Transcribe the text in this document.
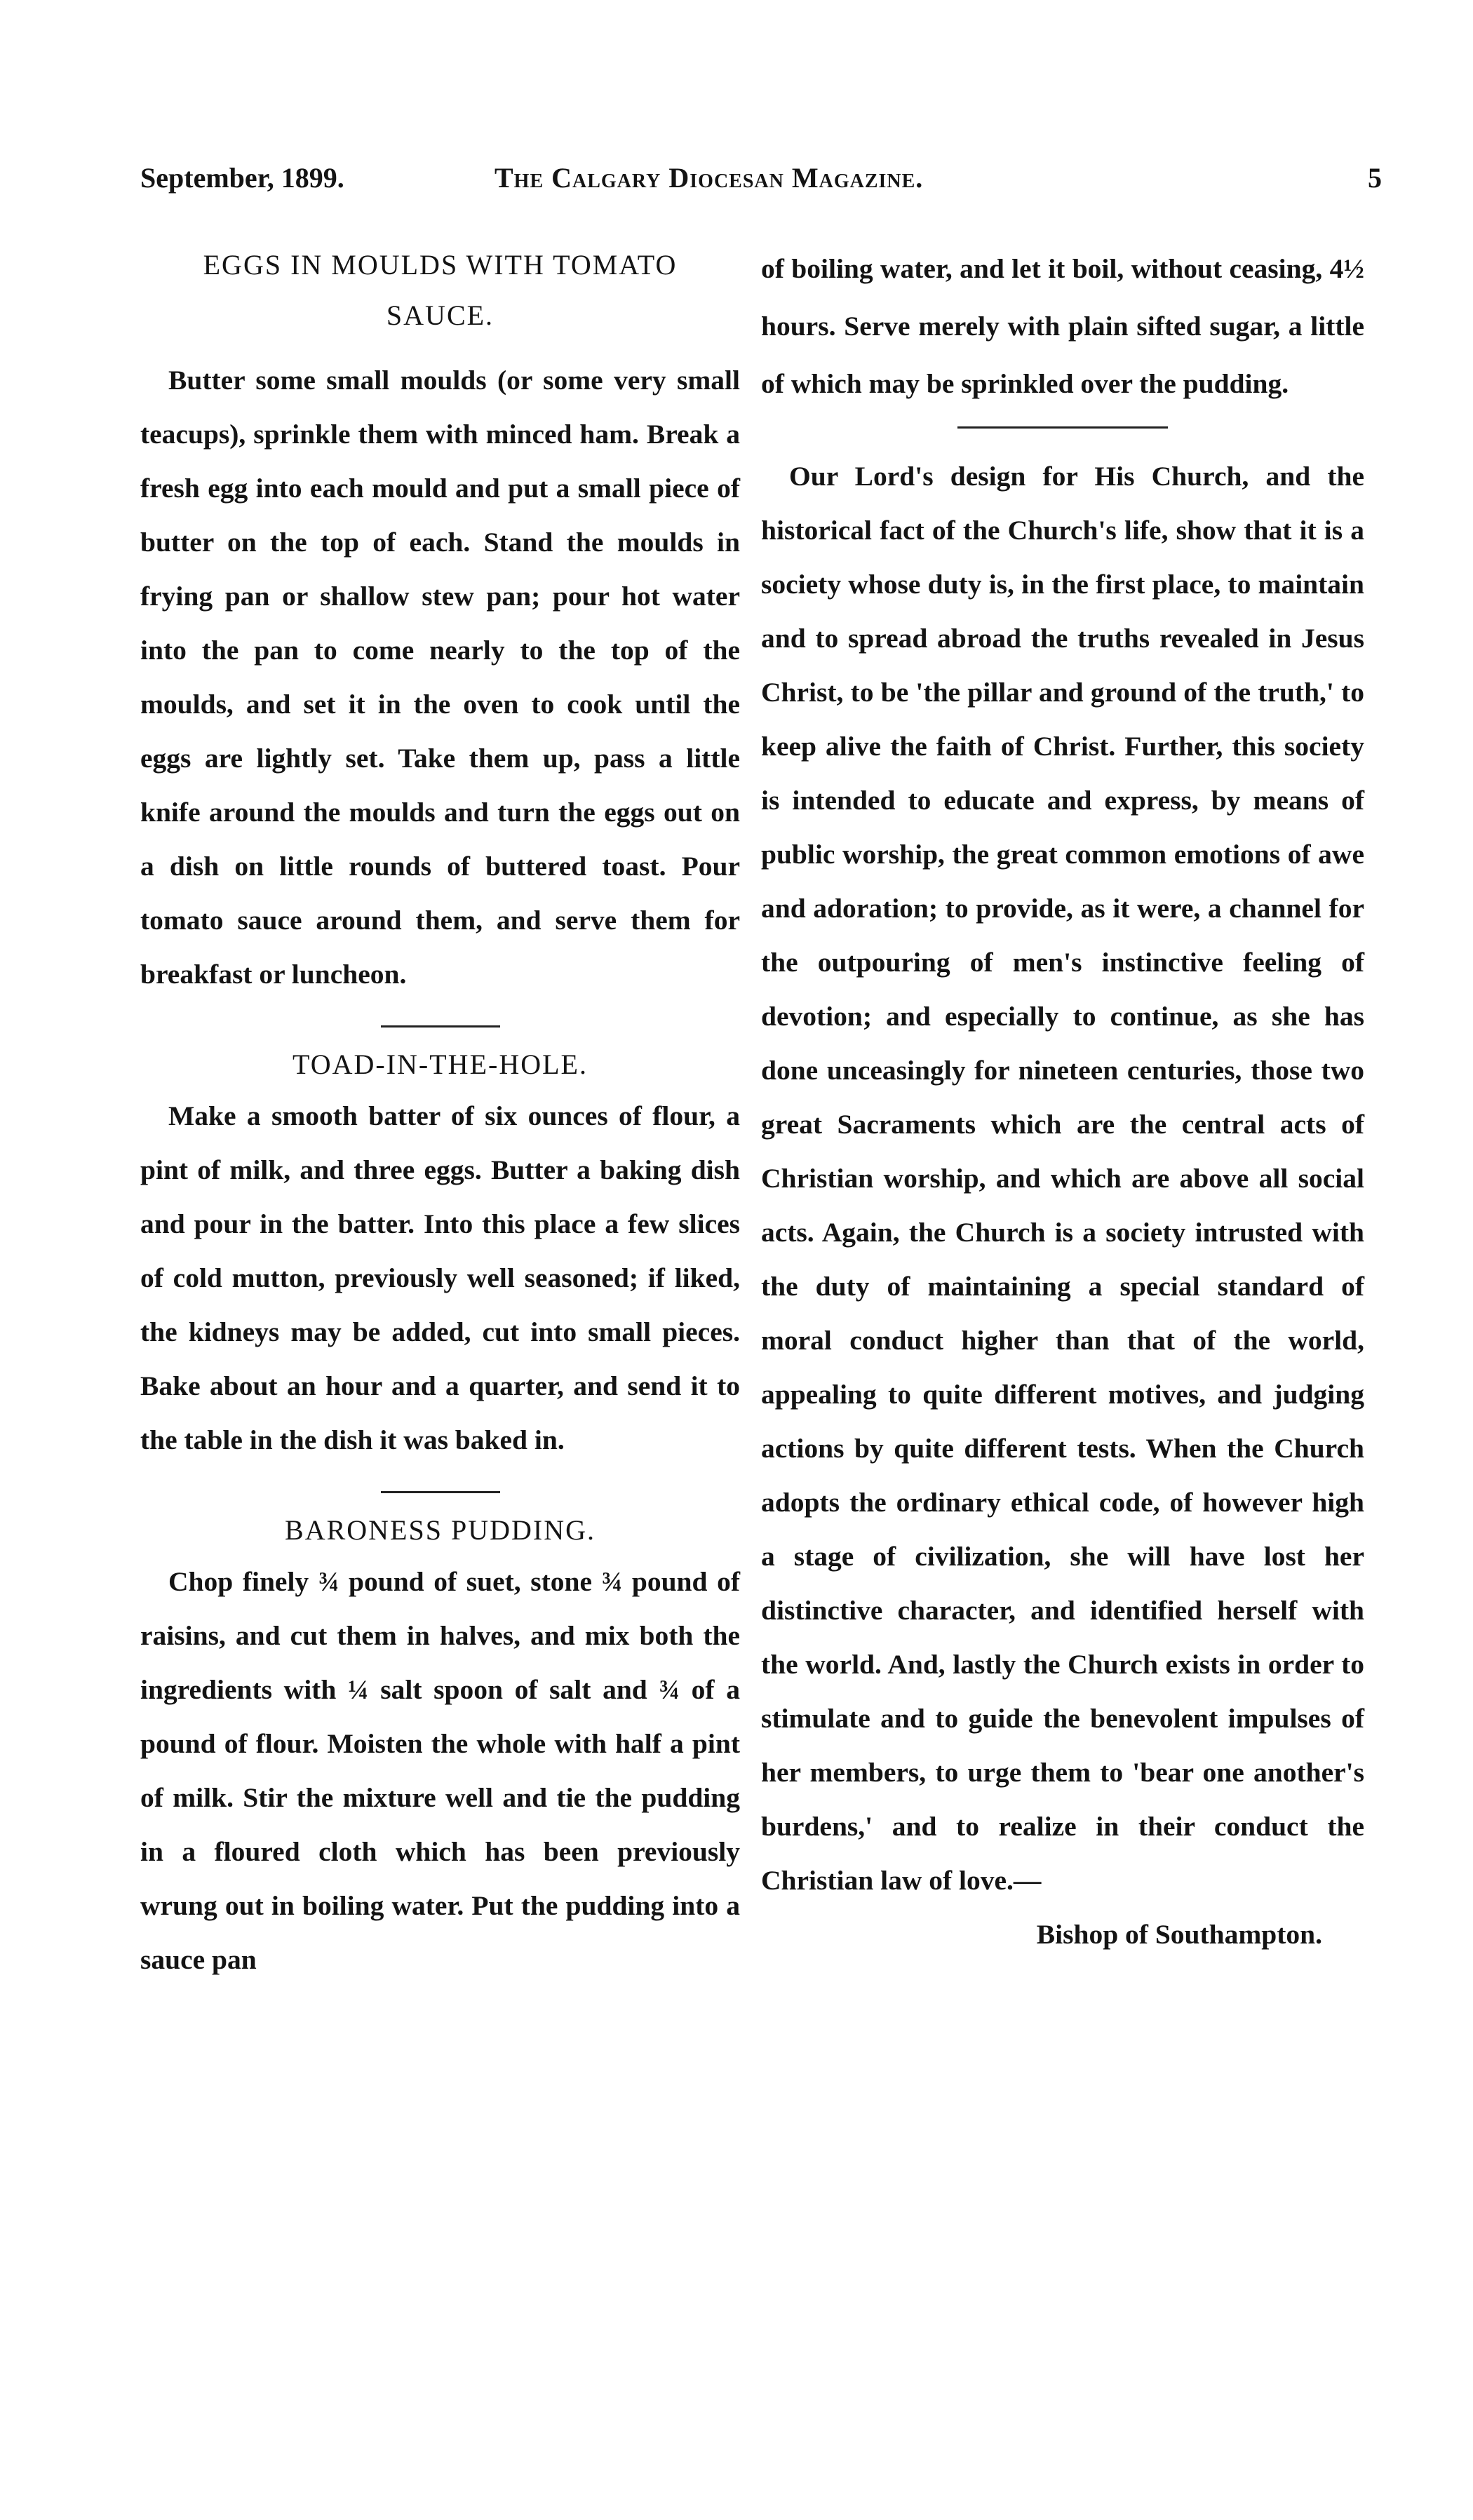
September, 1899.	The Calgary Diocesan Magazine.	5
EGGS IN MOULDS WITH TOMATO SAUCE.

Butter some small moulds (or some very small teacups), sprinkle them with minced ham. Break a fresh egg into each mould and put a small piece of butter on the top of each. Stand the moulds in frying pan or shallow stew pan; pour hot water into the pan to come nearly to the top of the moulds, and set it in the oven to cook until the eggs are lightly set. Take them up, pass a little knife around the moulds and turn the eggs out on a dish on little rounds of buttered toast. Pour tomato sauce around them, and serve them for breakfast or luncheon.

TOAD-IN-THE-HOLE.

Make a smooth batter of six ounces of flour, a pint of milk, and three eggs. Butter a baking dish and pour in the batter. Into this place a few slices of cold mutton, previously well seasoned; if liked, the kidneys may be added, cut into small pieces. Bake about an hour and a quarter, and send it to the table in the dish it was baked in.

BARONESS PUDDING.

Chop finely ¾ pound of suet, stone ¾ pound of raisins, and cut them in halves, and mix both the ingredients with ¼ salt spoon of salt and ¾ of a pound of flour. Moisten the whole with half a pint of milk. Stir the mixture well and tie the pudding in a floured cloth which has been previously wrung out in boiling water. Put the pudding into a sauce pan

of boiling water, and let it boil, without ceasing, 4½ hours. Serve merely with plain sifted sugar, a little of which may be sprinkled over the pudding.

Our Lord's design for His Church, and the historical fact of the Church's life, show that it is a society whose duty is, in the first place, to maintain and to spread abroad the truths revealed in Jesus Christ, to be 'the pillar and ground of the truth,' to keep alive the faith of Christ. Further, this society is intended to educate and express, by means of public worship, the great common emotions of awe and adoration; to provide, as it were, a channel for the outpouring of men's instinctive feeling of devotion; and especially to continue, as she has done unceasingly for nineteen centuries, those two great Sacraments which are the central acts of Christian worship, and which are above all social acts. Again, the Church is a society intrusted with the duty of maintaining a special standard of moral conduct higher than that of the world, appealing to quite different motives, and judging actions by quite different tests. When the Church adopts the ordinary ethical code, of however high a stage of civilization, she will have lost her distinctive character, and identified herself with the world. And, lastly the Church exists in order to stimulate and to guide the benevolent impulses of her members, to urge them to 'bear one another's burdens,' and to realize in their conduct the Christian law of love.—

Bishop of Southampton.
